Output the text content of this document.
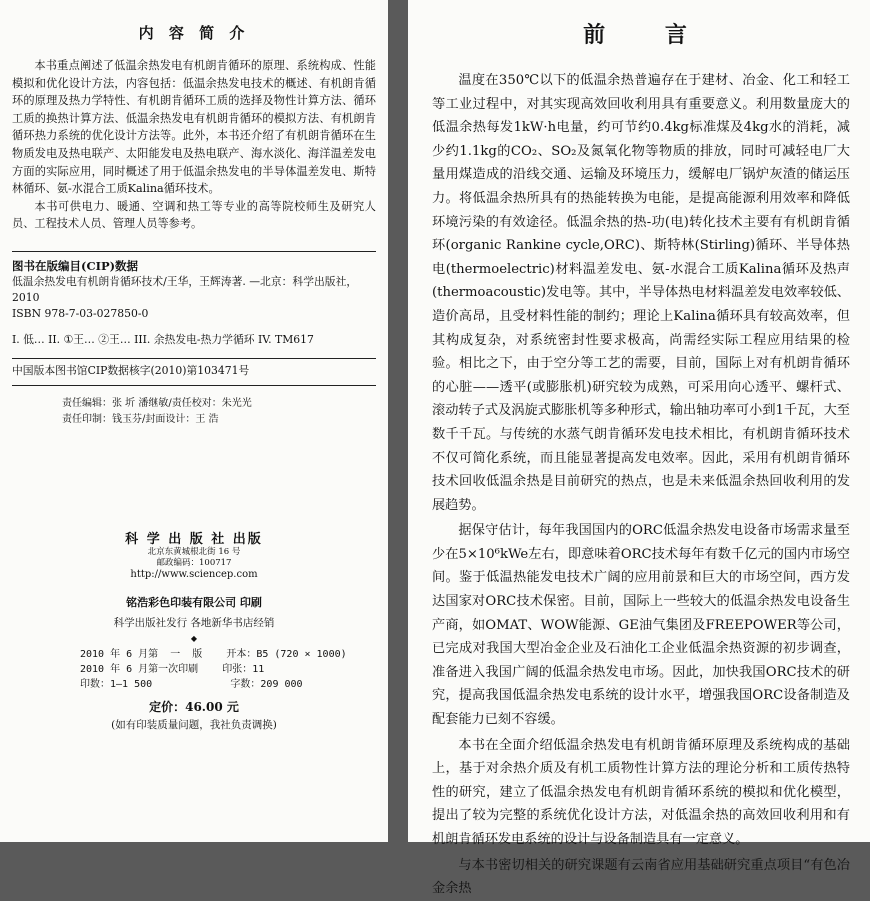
内 容 简 介

本书重点阐述了低温余热发电有机朗肯循环的原理、系统构成、性能模拟和优化设计方法，内容包括：低温余热发电技术的概述、有机朗肯循环的原理及热力学特性、有机朗肯循环工质的选择及物性计算方法、循环工质的换热计算方法、低温余热发电有机朗肯循环的模拟方法、有机朗肯循环热力系统的优化设计方法等。此外，本书还介绍了有机朗肯循环在生物质发电及热电联产、太阳能发电及热电联产、海水淡化、海洋温差发电方面的实际应用，同时概述了用于低温余热发电的半导体温差发电、斯特林循环、氨-水混合工质Kalina循环技术。

本书可供电力、暖通、空调和热工等专业的高等院校师生及研究人员、工程技术人员、管理人员等参考。

图书在版编目(CIP)数据

低温余热发电有机朗肯循环技术/王华，王辉涛著. —北京：科学出版社，

2010

ISBN 978-7-03-027850-0

I. 低… II. ①王… ②王… III. 余热发电-热力学循环 IV. TM617

中国版本图书馆CIP数据核字(2010)第103471号

责任编辑：张 圻 潘继敏/责任校对：朱光光

责任印制：钱玉芬/封面设计：王 浩

科 学 出 版 社 出版

北京东黄城根北街 16 号

邮政编码：100717

http://www.sciencep.com

铭浩彩色印装有限公司 印刷
科学出版社发行 各地新华书店经销
◆

2010 年 6 月第  一  版    开本：B5 (720 × 1000)

2010 年 6 月第一次印刷    印张：11

印数：1—1 500             字数：209 000

定价：46.00 元
(如有印装质量问题，我社负责调换)
前 言

温度在350℃以下的低温余热普遍存在于建材、冶金、化工和轻工等工业过程中，对其实现高效回收利用具有重要意义。利用数量庞大的低温余热每发1kW·h电量，约可节约0.4kg标准煤及4kg水的消耗，减少约1.1kg的CO₂、SO₂及氮氧化物等物质的排放，同时可减轻电厂大量用煤造成的沿线交通、运输及环境压力，缓解电厂锅炉灰渣的储运压力。将低温余热所具有的热能转换为电能，是提高能源利用效率和降低环境污染的有效途径。低温余热的热-功(电)转化技术主要有有机朗肯循环(organic Rankine cycle,ORC)、斯特林(Stirling)循环、半导体热电(thermoelectric)材料温差发电、氨-水混合工质Kalina循环及热声(thermoacoustic)发电等。其中，半导体热电材料温差发电效率较低、造价高昂，且受材料性能的制约；理论上Kalina循环具有较高效率，但其构成复杂，对系统密封性要求极高，尚需经实际工程应用结果的检验。相比之下，由于空分等工艺的需要，目前，国际上对有机朗肯循环的心脏——透平(或膨胀机)研究较为成熟，可采用向心透平、螺杆式、滚动转子式及涡旋式膨胀机等多种形式，输出轴功率可小到1千瓦，大至数千千瓦。与传统的水蒸气朗肯循环发电技术相比，有机朗肯循环技术不仅可简化系统，而且能显著提高发电效率。因此，采用有机朗肯循环技术回收低温余热是目前研究的热点，也是未来低温余热回收利用的发展趋势。

据保守估计，每年我国国内的ORC低温余热发电设备市场需求量至少在5×10⁶kWe左右，即意味着ORC技术每年有数千亿元的国内市场空间。鉴于低温热能发电技术广阔的应用前景和巨大的市场空间，西方发达国家对ORC技术保密。目前，国际上一些较大的低温余热发电设备生产商，如OMAT、WOW能源、GE油气集团及FREEPOWER等公司，已完成对我国大型冶金企业及石油化工企业低温余热资源的初步调查，准备进入我国广阔的低温余热发电市场。因此，加快我国ORC技术的研究，提高我国低温余热发电系统的设计水平，增强我国ORC设备制造及配套能力已刻不容缓。

本书在全面介绍低温余热发电有机朗肯循环原理及系统构成的基础上，基于对余热介质及有机工质物性计算方法的理论分析和工质传热特性的研究，建立了低温余热发电有机朗肯循环系统的模拟和优化模型，提出了较为完整的系统优化设计方法，对低温余热的高效回收利用和有机朗肯循环发电系统的设计与设备制造具有一定意义。

与本书密切相关的研究课题有云南省应用基础研究重点项目“有色冶金余热
